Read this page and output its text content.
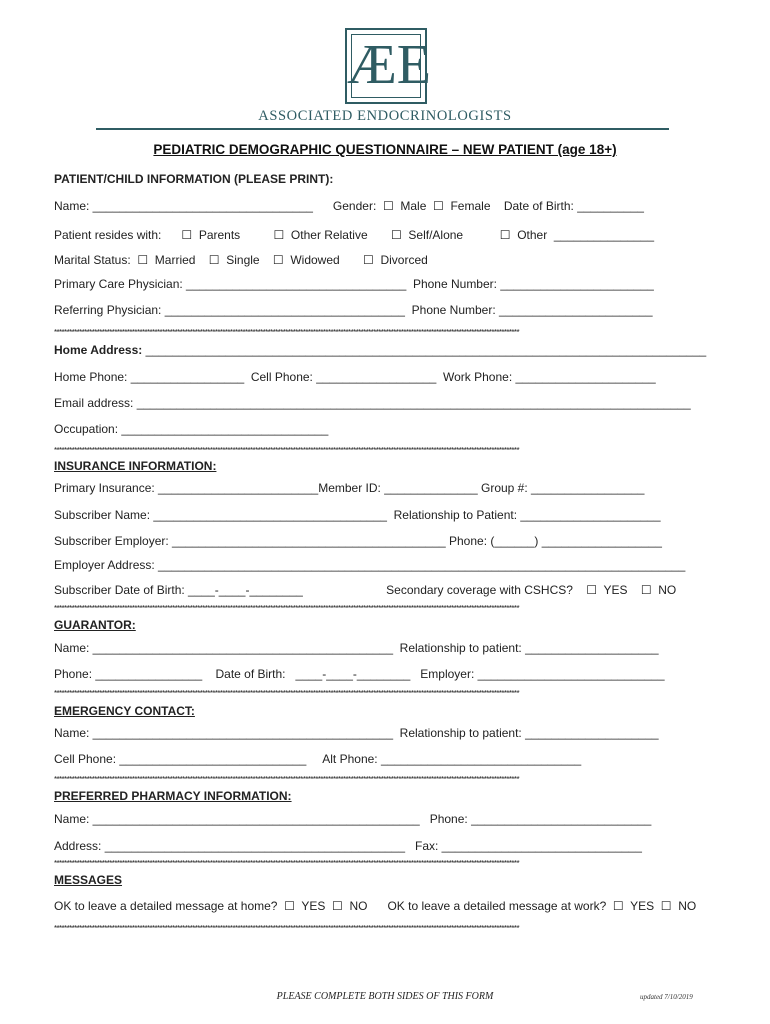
ÆE
ASSOCIATED ENDOCRINOLOGISTS
PEDIATRIC DEMOGRAPHIC QUESTIONNAIRE – NEW PATIENT (age 18+)
PATIENT/CHILD INFORMATION (PLEASE PRINT):
Name: _________________________________      Gender:  ☐  Male  ☐  Female    Date of Birth: __________
Patient resides with:      ☐  Parents          ☐  Other Relative       ☐  Self/Alone           ☐  Other  _______________
Marital Status:  ☐  Married    ☐  Single    ☐  Widowed       ☐  Divorced
Primary Care Physician: _________________________________  Phone Number: _______________________
Referring Physician: ____________________________________  Phone Number: _______________________
*****************************************************************************************************************************************************************************************
Home Address: ____________________________________________________________________________________
Home Phone: _________________  Cell Phone: __________________  Work Phone: _____________________
Email address: ___________________________________________________________________________________
Occupation: _______________________________
*****************************************************************************************************************************************************************************************
INSURANCE INFORMATION:
Primary Insurance: ________________________Member ID: ______________ Group #: _________________
Subscriber Name: ___________________________________  Relationship to Patient: _____________________
Subscriber Employer: _________________________________________ Phone: (______) __________________
Employer Address: _______________________________________________________________________________
Subscriber Date of Birth: ____-____-________                         Secondary coverage with CSHCS?    ☐  YES    ☐  NO
*****************************************************************************************************************************************************************************************
GUARANTOR:
Name: _____________________________________________  Relationship to patient: ____________________
Phone: ________________    Date of Birth:   ____-____-________   Employer: ____________________________
*****************************************************************************************************************************************************************************************
EMERGENCY CONTACT:
Name: _____________________________________________  Relationship to patient: ____________________
Cell Phone: ____________________________     Alt Phone: ______________________________
*****************************************************************************************************************************************************************************************
PREFERRED PHARMACY INFORMATION:
Name: _________________________________________________   Phone: ___________________________
Address: _____________________________________________   Fax: ______________________________
*****************************************************************************************************************************************************************************************
MESSAGES
OK to leave a detailed message at home?  ☐  YES  ☐  NO      OK to leave a detailed message at work?  ☐  YES  ☐  NO
*****************************************************************************************************************************************************************************************
PLEASE COMPLETE BOTH SIDES OF THIS FORM	updated 7/10/2019
